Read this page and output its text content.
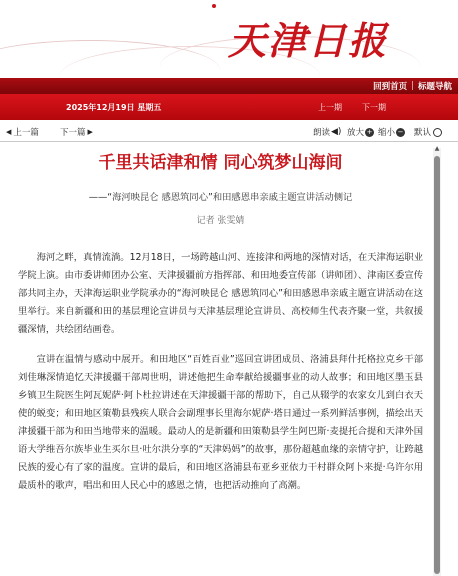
天津日报
回到首页 | 标题导航
2025年12月19日 星期五	上一期	下一期
◀ 上一篇 下一篇 ▶	朗读 ◀) 放大 + 缩小 − 默认
千里共话津和情 同心筑梦山海间
——“海河映昆仑 感恩筑同心”和田感恩串亲戚主题宣讲活动侧记
记者 张雯婧

海河之畔，真情流淌。12月18日，一场跨越山河、连接津和两地的深情对话，在天津海运职业学院上演。由市委讲师团办公室、天津援疆前方指挥部、和田地委宣传部（讲师团）、津南区委宣传部共同主办，天津海运职业学院承办的“海河映昆仑 感恩筑同心”和田感恩串亲戚主题宣讲活动在这里举行。来自新疆和田的基层理论宣讲员与天津基层理论宣讲员、高校师生代表齐聚一堂，共叙援疆深情，共绘团结画卷。

宣讲在温情与感动中展开。和田地区“百姓百业”巡回宣讲团成员、洛浦县拜什托格拉克乡干部刘佳琳深情追忆天津援疆干部周世明，讲述他把生命奉献给援疆事业的动人故事；和田地区墨玉县乡镇卫生院医生阿瓦妮萨·阿卜杜拉讲述在天津援疆干部的帮助下，自己从辍学的农家女儿到白衣天使的蜕变；和田地区策勒县残疾人联合会副理事长里海尔妮萨·塔日通过一系列鲜活事例，描绘出天津援疆干部为和田当地带来的温暖。最动人的是新疆和田策勒县学生阿巴斯·麦提托合提和天津外国语大学维吾尔族毕业生买尔旦·吐尔洪分享的“天津妈妈”的故事，那份超越血缘的亲情守护，让跨越民族的爱心有了家的温度。宣讲的最后，和田地区洛浦县布亚乡亚依力干村群众阿卜来提·乌许尔用最质朴的歌声，唱出和田人民心中的感恩之情，也把活动推向了高潮。

▲
